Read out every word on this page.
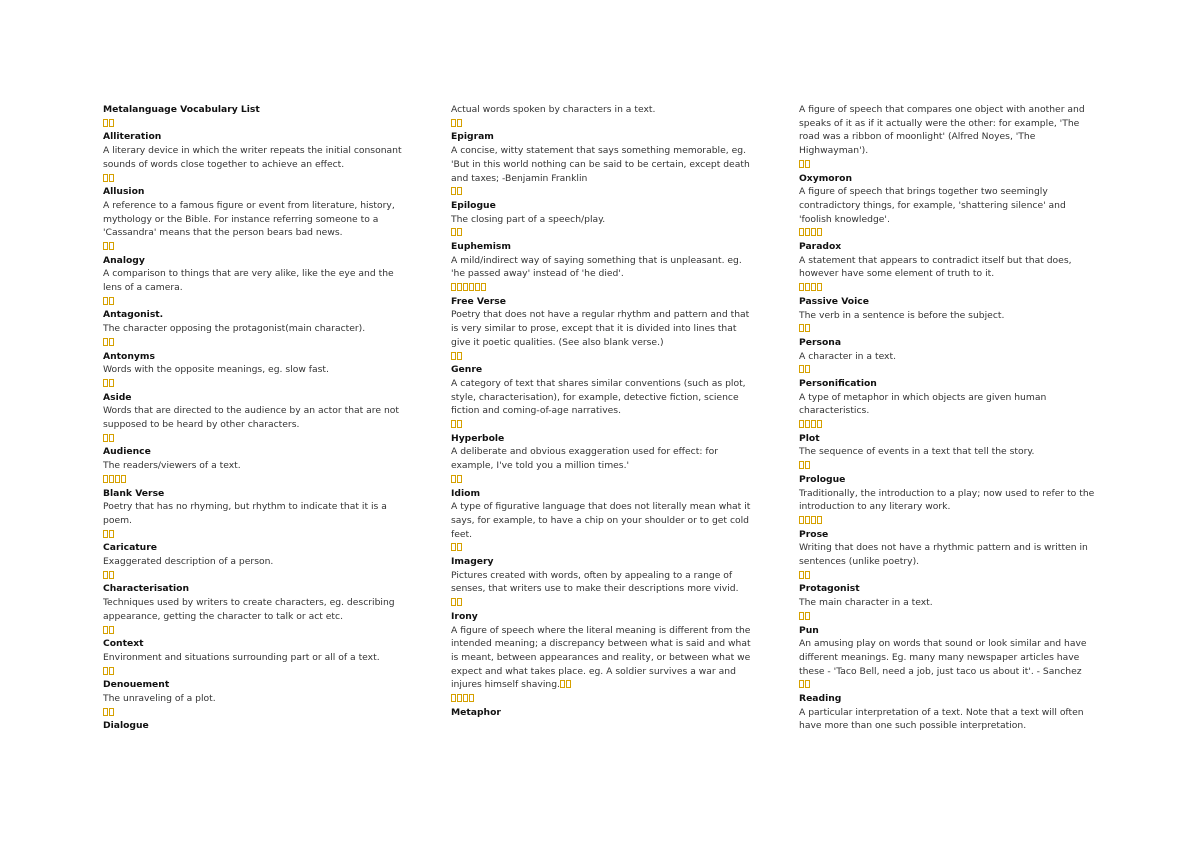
Metalanguage Vocabulary List
Alliteration
A literary device in which the writer repeats the initial consonant sounds of words close together to achieve an effect.
Allusion
A reference to a famous figure or event from literature, history, mythology or the Bible. For instance referring someone to a 'Cassandra' means that the person bears bad news.
Analogy
A comparison to things that are very alike, like the eye and the lens of a camera.
Antagonist.
The character opposing the protagonist(main character).
Antonyms
Words with the opposite meanings, eg. slow fast.
Aside
Words that are directed to the audience by an actor that are not supposed to be heard by other characters.
Audience
The readers/viewers of a text.
Blank Verse
Poetry that has no rhyming, but rhythm to indicate that it is a poem.
Caricature
Exaggerated description of a person.
Characterisation
Techniques used by writers to create characters, eg. describing appearance, getting the character to talk or act etc.
Context
Environment and situations surrounding part or all of a text.
Denouement
The unraveling of a plot.
Dialogue
Actual words spoken by characters in a text.
Epigram
A concise, witty statement that says something memorable, eg. 'But in this world nothing can be said to be certain, except death and taxes; -Benjamin Franklin
Epilogue
The closing part of a speech/play.
Euphemism
A mild/indirect way of saying something that is unpleasant. eg. 'he passed away' instead of 'he died'.
Free Verse
Poetry that does not have a regular rhythm and pattern and that is very similar to prose, except that it is divided into lines that give it poetic qualities. (See also blank verse.)
Genre
A category of text that shares similar conventions (such as plot, style, characterisation), for example, detective fiction, science fiction and coming-of-age narratives.
Hyperbole
A deliberate and obvious exaggeration used for effect: for example, I've told you a million times.'
Idiom
A type of figurative language that does not literally mean what it says, for example, to have a chip on your shoulder or to get cold feet.
Imagery
Pictures created with words, often by appealing to a range of senses, that writers use to make their descriptions more vivid.
Irony
A figure of speech where the literal meaning is different from the intended meaning; a discrepancy between what is said and what is meant, between appearances and reality, or between what we expect and what takes place. eg. A soldier survives a war and injures himself shaving.
Metaphor
A figure of speech that compares one object with another and speaks of it as if it actually were the other: for example, 'The road was a ribbon of moonlight' (Alfred Noyes, 'The Highwayman').
Oxymoron
A figure of speech that brings together two seemingly contradictory things, for example, 'shattering silence' and 'foolish knowledge'.
Paradox
A statement that appears to contradict itself but that does, however have some element of truth to it.
Passive Voice
The verb in a sentence is before the subject.
Persona
A character in a text.
Personification
A type of metaphor in which objects are given human characteristics.
Plot
The sequence of events in a text that tell the story.
Prologue
Traditionally, the introduction to a play; now used to refer to the introduction to any literary work.
Prose
Writing that does not have a rhythmic pattern and is written in sentences (unlike poetry).
Protagonist
The main character in a text.
Pun
An amusing play on words that sound or look similar and have different meanings. Eg. many many newspaper articles have these - 'Taco Bell, need a job, just taco us about it'. - Sanchez
Reading
A particular interpretation of a text. Note that a text will often have more than one such possible interpretation.
